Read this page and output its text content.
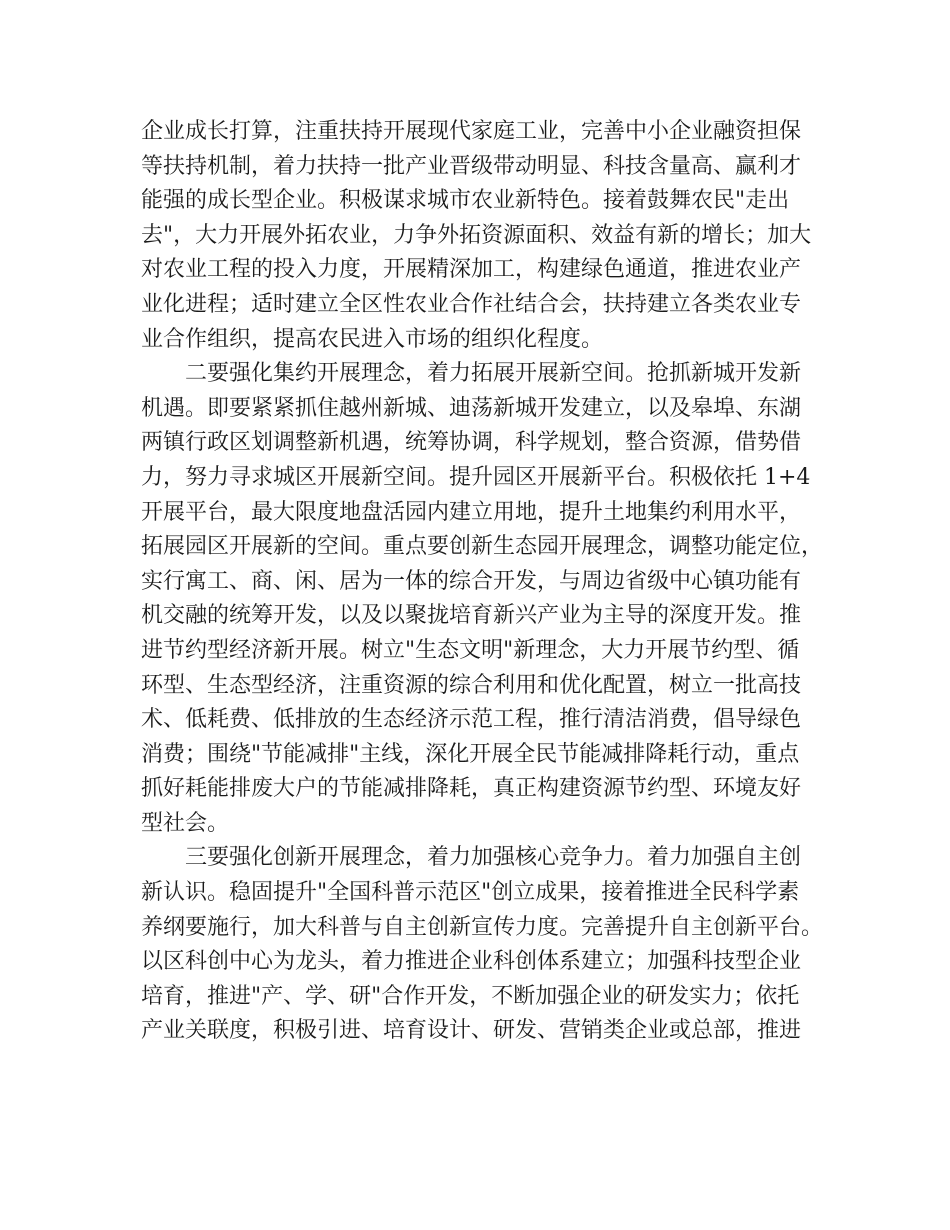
企业成长打算，注重扶持开展现代家庭工业，完善中小企业融资担保
等扶持机制，着力扶持一批产业晋级带动明显、科技含量高、赢利才
能强的成长型企业。积极谋求城市农业新特色。接着鼓舞农民"走出
去"，大力开展外拓农业，力争外拓资源面积、效益有新的增长；加大
对农业工程的投入力度，开展精深加工，构建绿色通道，推进农业产
业化进程；适时建立全区性农业合作社结合会，扶持建立各类农业专
业合作组织，提高农民进入市场的组织化程度。
　　二要强化集约开展理念，着力拓展开展新空间。抢抓新城开发新
机遇。即要紧紧抓住越州新城、迪荡新城开发建立，以及皋埠、东湖
两镇行政区划调整新机遇，统筹协调，科学规划，整合资源，借势借
力，努力寻求城区开展新空间。提升园区开展新平台。积极依托 1+4
开展平台，最大限度地盘活园内建立用地，提升土地集约利用水平，
拓展园区开展新的空间。重点要创新生态园开展理念，调整功能定位，
实行寓工、商、闲、居为一体的综合开发，与周边省级中心镇功能有
机交融的统筹开发，以及以聚拢培育新兴产业为主导的深度开发。推
进节约型经济新开展。树立"生态文明"新理念，大力开展节约型、循
环型、生态型经济，注重资源的综合利用和优化配置，树立一批高技
术、低耗费、低排放的生态经济示范工程，推行清洁消费，倡导绿色
消费；围绕"节能减排"主线，深化开展全民节能减排降耗行动，重点
抓好耗能排废大户的节能减排降耗，真正构建资源节约型、环境友好
型社会。
　　三要强化创新开展理念，着力加强核心竞争力。着力加强自主创
新认识。稳固提升"全国科普示范区"创立成果，接着推进全民科学素
养纲要施行，加大科普与自主创新宣传力度。完善提升自主创新平台。
以区科创中心为龙头，着力推进企业科创体系建立；加强科技型企业
培育，推进"产、学、研"合作开发，不断加强企业的研发实力；依托
产业关联度，积极引进、培育设计、研发、营销类企业或总部，推进
